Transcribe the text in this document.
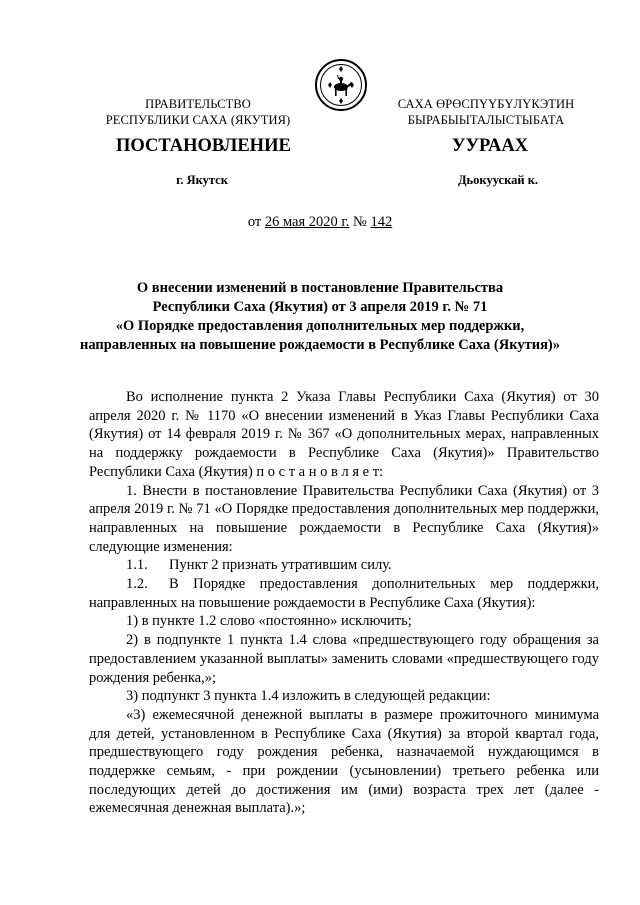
ПРАВИТЕЛЬСТВО
РЕСПУБЛИКИ САХА (ЯКУТИЯ)
САХА ӨРӨСПYYБYЛYКЭТИН
БЫРАБЫЫТАЛЫСТЫБАТА
ПОСТАНОВЛЕНИЕ	УУРААХ
г. Якутск	Дьокуускай к.
от 26 мая 2020 г. № 142
О внесении изменений в постановление Правительства
Республики Саха (Якутия) от 3 апреля 2019 г. № 71
«О Порядке предоставления дополнительных мер поддержки,
направленных на повышение рождаемости в Республике Саха (Якутия)»

Во исполнение пункта 2 Указа Главы Республики Саха (Якутия) от 30 апреля 2020 г. № 1170 «О внесении изменений в Указ Главы Республики Саха (Якутия) от 14 февраля 2019 г. № 367 «О дополнительных мерах, направленных на поддержку рождаемости в Республике Саха (Якутия)» Правительство Республики Саха (Якутия) п о с т а н о в л я е т:

1. Внести в постановление Правительства Республики Саха (Якутия) от 3 апреля 2019 г. № 71 «О Порядке предоставления дополнительных мер поддержки, направленных на повышение рождаемости в Республике Саха (Якутия)» следующие изменения:

1.1. Пункт 2 признать утратившим силу.

1.2. В Порядке предоставления дополнительных мер поддержки, направленных на повышение рождаемости в Республике Саха (Якутия):

1) в пункте 1.2 слово «постоянно» исключить;

2) в подпункте 1 пункта 1.4 слова «предшествующего году обращения за предоставлением указанной выплаты» заменить словами «предшествующего году рождения ребенка,»;

3) подпункт 3 пункта 1.4 изложить в следующей редакции:

«3) ежемесячной денежной выплаты в размере прожиточного минимума для детей, установленном в Республике Саха (Якутия) за второй квартал года, предшествующего году рождения ребенка, назначаемой нуждающимся в поддержке семьям, - при рождении (усыновлении) третьего ребенка или последующих детей до достижения им (ими) возраста трех лет (далее - ежемесячная денежная выплата).»;
